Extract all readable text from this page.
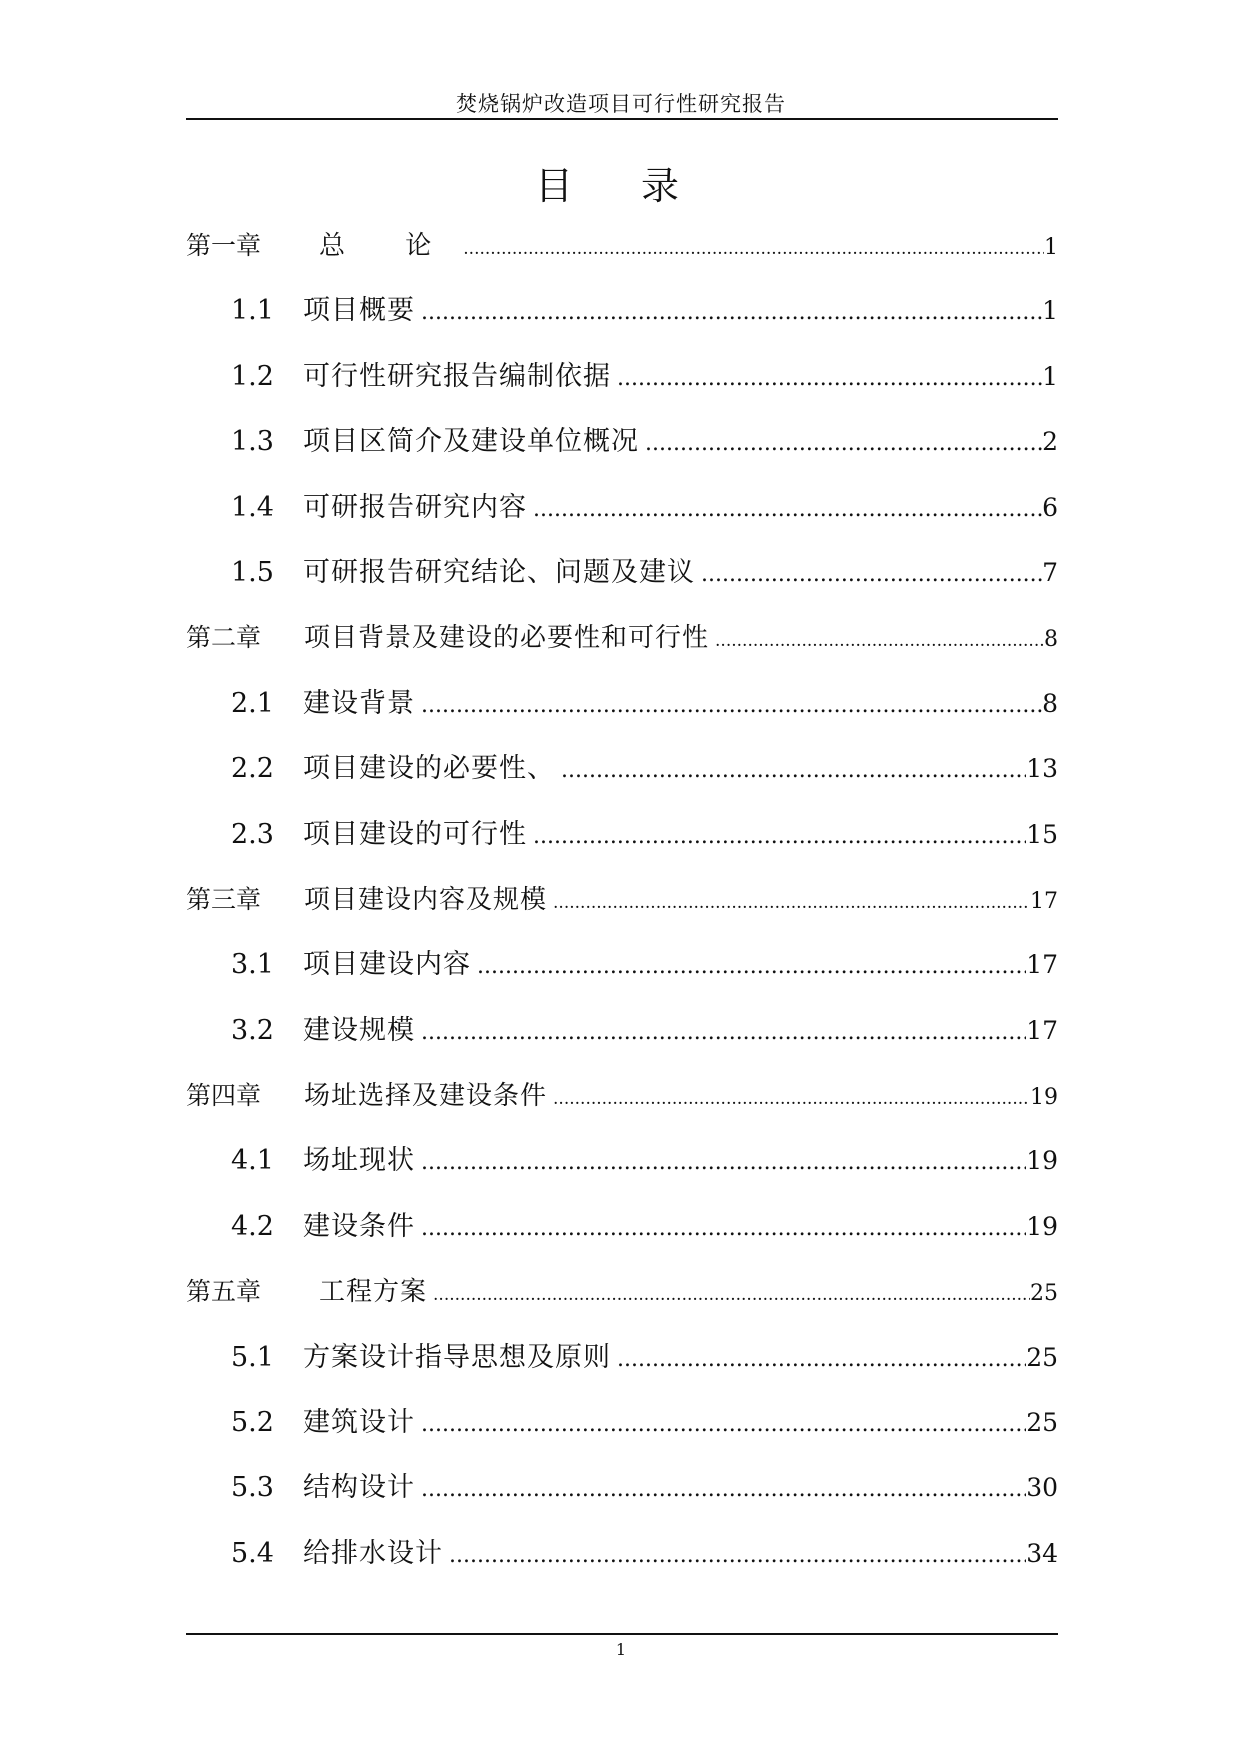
焚烧锅炉改造项目可行性研究报告
目 录
第一章	总 论 .....	1
1.1	项目概要 .....	1
1.2	可行性研究报告编制依据 .....	1
1.3	项目区简介及建设单位概况 .....	2
1.4	可研报告研究内容 .....	6
1.5	可研报告研究结论、问题及建议 .....	7
第二章	项目背景及建设的必要性和可行性 .....	8
2.1	建设背景 .....	8
2.2	项目建设的必要性、 .....	13
2.3	项目建设的可行性 .....	15
第三章	项目建设内容及规模 .....	17
3.1	项目建设内容 .....	17
3.2	建设规模 .....	17
第四章	场址选择及建设条件 .....	19
4.1	场址现状 .....	19
4.2	建设条件 .....	19
第五章	工程方案 .....	25
5.1	方案设计指导思想及原则 .....	25
5.2	建筑设计 .....	25
5.3	结构设计 .....	30
5.4	给排水设计 .....	34
1
